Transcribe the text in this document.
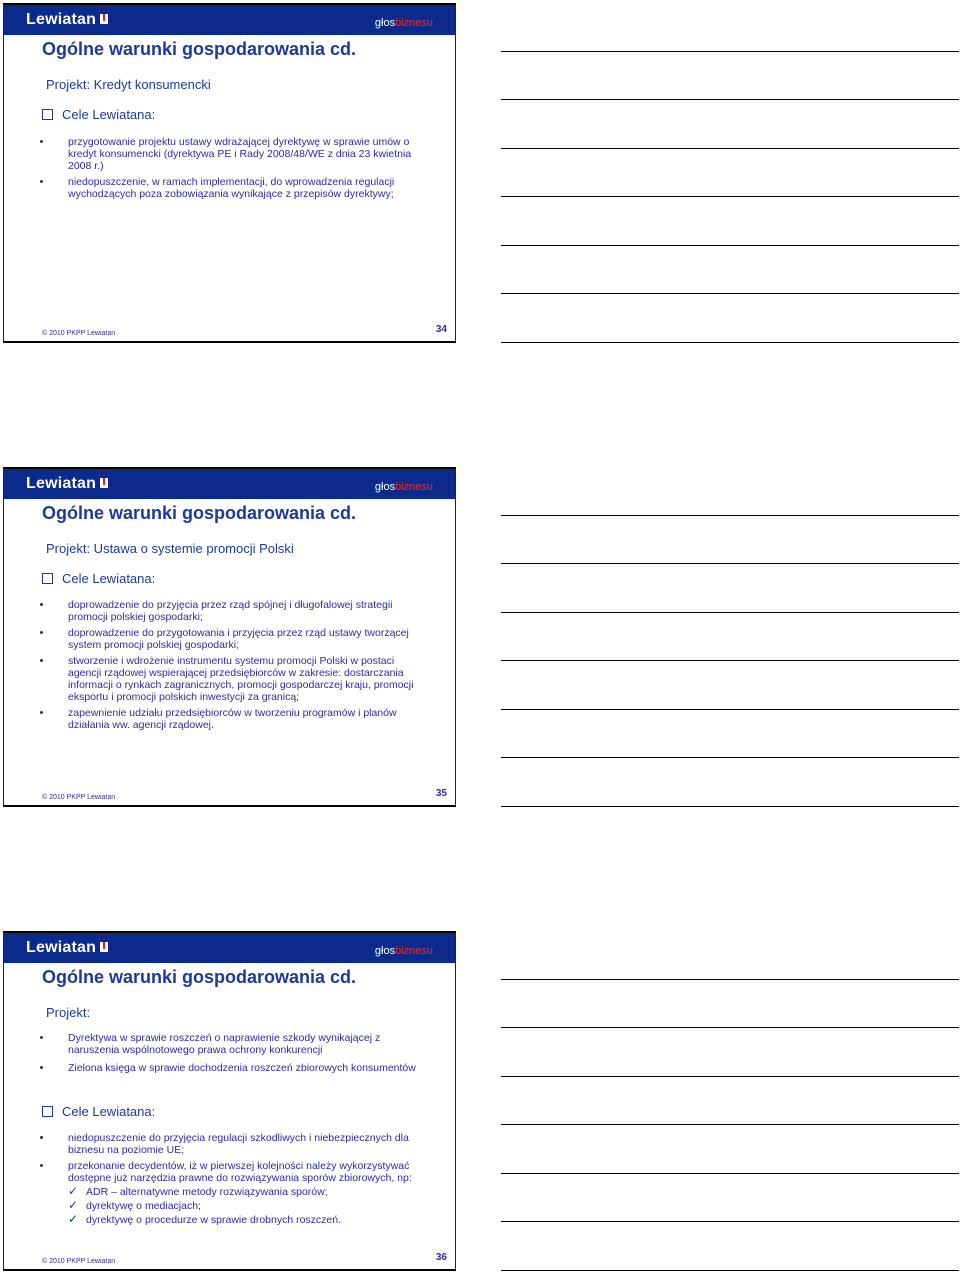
Lewiatan	głosbiznesu
Ogólne warunki gospodarowania cd.
Projekt: Kredyt konsumencki
Cele Lewiatana:
przygotowanie projektu ustawy wdrażającej dyrektywę w sprawie umów o kredyt konsumencki (dyrektywa PE i Rady 2008/48/WE z dnia 23 kwietnia 2008 r.)
niedopuszczenie, w ramach implementacji, do wprowadzenia regulacji wychodzących poza zobowiązania wynikające z przepisów dyrektywy;
© 2010 PKPP Lewiatan	34
Lewiatan	głosbiznesu
Ogólne warunki gospodarowania cd.
Projekt: Ustawa o systemie promocji Polski
Cele Lewiatana:
doprowadzenie do przyjęcia przez rząd spójnej i długofalowej strategii promocji polskiej gospodarki;
doprowadzenie do przygotowania i przyjęcia przez rząd ustawy tworzącej system promocji polskiej gospodarki;
stworzenie i wdrożenie instrumentu systemu promocji Polski w postaci agencji rządowej wspierającej przedsiębiorców w zakresie: dostarczania informacji o rynkach zagranicznych, promocji gospodarczej kraju, promocji eksportu i promocji polskich inwestycji za granicą;
zapewnienie udziału przedsiębiorców w tworzeniu programów i planów działania ww. agencji rządowej.
© 2010 PKPP Lewiatan	35
Lewiatan	głosbiznesu
Ogólne warunki gospodarowania cd.
Projekt:
Dyrektywa w sprawie roszczeń o naprawienie szkody wynikającej z naruszenia wspólnotowego prawa ochrony konkurencji
Zielona księga w sprawie dochodzenia roszczeń zbiorowych konsumentów
Cele Lewiatana:
niedopuszczenie do przyjęcia regulacji szkodliwych i niebezpiecznych dla biznesu na poziomie UE;
przekonanie decydentów, iż w pierwszej kolejności należy wykorzystywać dostępne już narzędzia prawne do rozwiązywania sporów zbiorowych, np:
✓ ADR – alternatywne metody rozwiązywania sporów;
✓ dyrektywę o mediacjach;
✓ dyrektywę o procedurze w sprawie drobnych roszczeń.
© 2010 PKPP Lewiatan	36
